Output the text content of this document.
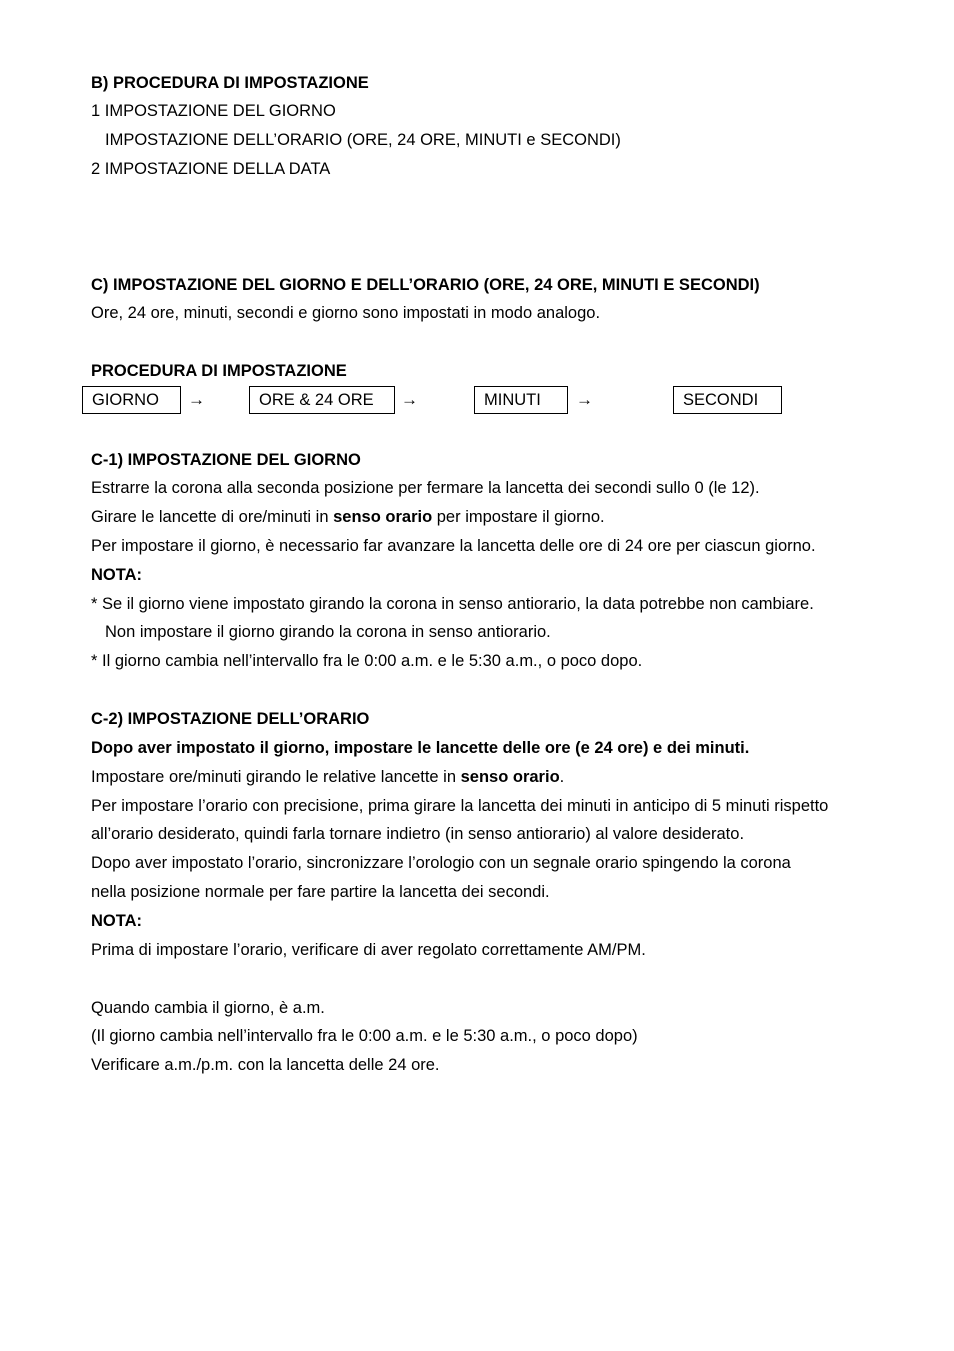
B) PROCEDURA DI IMPOSTAZIONE
1 IMPOSTAZIONE DEL GIORNO
IMPOSTAZIONE DELL’ORARIO (ORE, 24 ORE, MINUTI e SECONDI)
2 IMPOSTAZIONE DELLA DATA
C) IMPOSTAZIONE DEL GIORNO E DELL’ORARIO (ORE, 24 ORE, MINUTI E SECONDI)
Ore, 24 ore, minuti, secondi e giorno sono impostati in modo analogo.
PROCEDURA DI IMPOSTAZIONE
GIORNO	→	ORE & 24 ORE	→	MINUTI	→	SECONDI
C-1) IMPOSTAZIONE DEL GIORNO
Estrarre la corona alla seconda posizione per fermare la lancetta dei secondi sullo 0 (le 12).
Girare le lancette di ore/minuti in senso orario per impostare il giorno.
Per impostare il giorno, è necessario far avanzare la lancetta delle ore di 24 ore per ciascun giorno.
NOTA:
* Se il giorno viene impostato girando la corona in senso antiorario, la data potrebbe non cambiare.
Non impostare il giorno girando la corona in senso antiorario.
* Il giorno cambia nell’intervallo fra le 0:00 a.m. e le 5:30 a.m., o poco dopo.
C-2) IMPOSTAZIONE DELL’ORARIO
Dopo aver impostato il giorno, impostare le lancette delle ore (e 24 ore) e dei minuti.
Impostare ore/minuti girando le relative lancette in senso orario.
Per impostare l’orario con precisione, prima girare la lancetta dei minuti in anticipo di 5 minuti rispetto
all’orario desiderato, quindi farla tornare indietro (in senso antiorario) al valore desiderato.
Dopo aver impostato l’orario, sincronizzare l’orologio con un segnale orario spingendo la corona
nella posizione normale per fare partire la lancetta dei secondi.
NOTA:
Prima di impostare l’orario, verificare di aver regolato correttamente AM/PM.
Quando cambia il giorno, è a.m.
(Il giorno cambia nell’intervallo fra le 0:00 a.m. e le 5:30 a.m., o poco dopo)
Verificare a.m./p.m. con la lancetta delle 24 ore.
